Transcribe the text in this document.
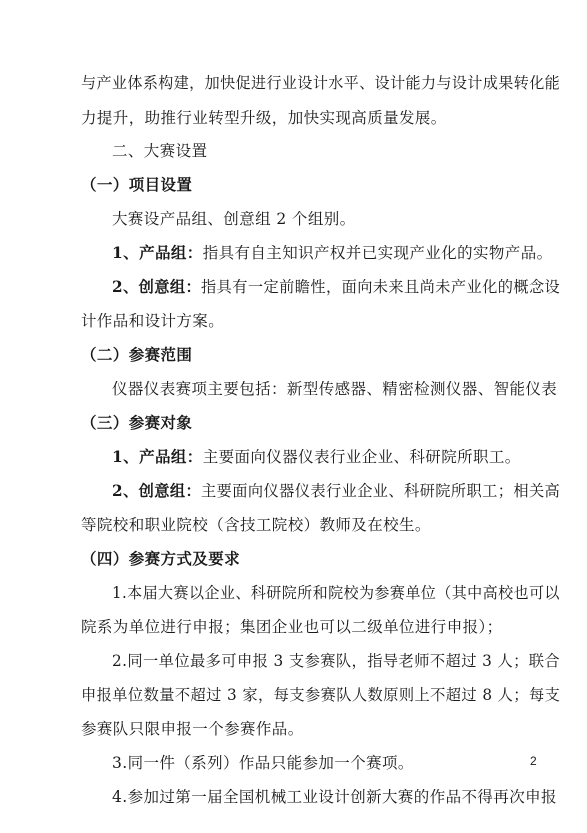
与产业体系构建，加快促进行业设计水平、设计能力与设计成果转化能
力提升，助推行业转型升级，加快实现高质量发展。
二、大赛设置
（一）项目设置
大赛设产品组、创意组 2 个组别。
1、产品组：指具有自主知识产权并已实现产业化的实物产品。
2、创意组：指具有一定前瞻性，面向未来且尚未产业化的概念设
计作品和设计方案。
（二）参赛范围
仪器仪表赛项主要包括：新型传感器、精密检测仪器、智能仪表
（三）参赛对象
1、产品组：主要面向仪器仪表行业企业、科研院所职工。
2、创意组：主要面向仪器仪表行业企业、科研院所职工；相关高
等院校和职业院校（含技工院校）教师及在校生。
（四）参赛方式及要求
1.本届大赛以企业、科研院所和院校为参赛单位（其中高校也可以
院系为单位进行申报；集团企业也可以二级单位进行申报）；
2.同一单位最多可申报 3 支参赛队，指导老师不超过 3 人；联合
申报单位数量不超过 3 家，每支参赛队人数原则上不超过 8 人；每支
参赛队只限申报一个参赛作品。
3.同一件（系列）作品只能参加一个赛项。
4.参加过第一届全国机械工业设计创新大赛的作品不得再次申报
2
